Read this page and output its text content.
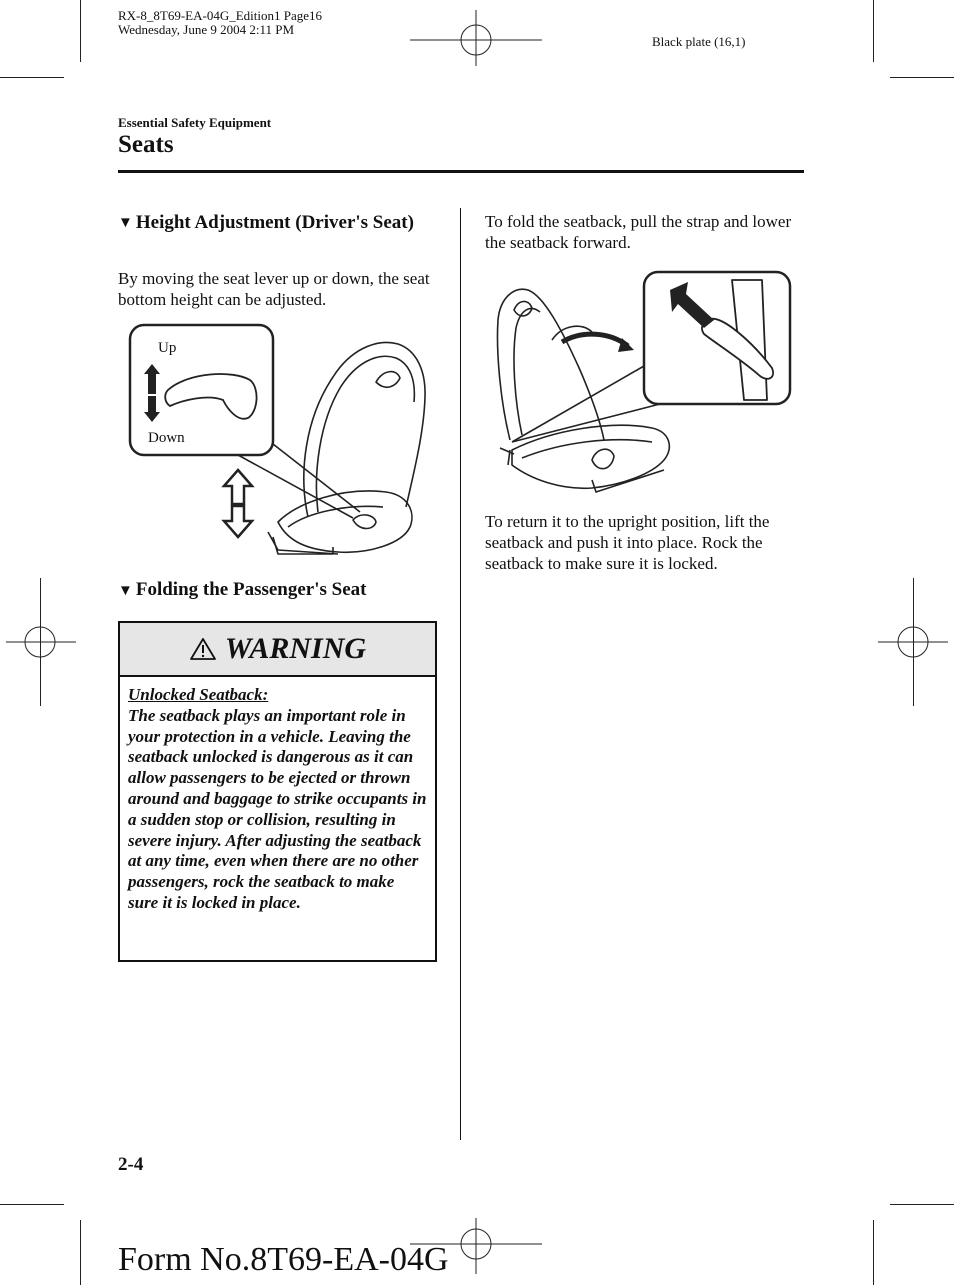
RX-8_8T69-EA-04G_Edition1 Page16
Wednesday, June 9 2004 2:11 PM
Black plate (16,1)
Essential Safety Equipment
Seats
▼ Height Adjustment (Driver's Seat)
By moving the seat lever up or down, the seat bottom height can be adjusted.
Up
Down
▼ Folding the Passenger's Seat
WARNING
Unlocked Seatback:
The seatback plays an important role in your protection in a vehicle. Leaving the seatback unlocked is dangerous as it can allow passengers to be ejected or thrown around and baggage to strike occupants in a sudden stop or collision, resulting in severe injury. After adjusting the seatback at any time, even when there are no other passengers, rock the seatback to make sure it is locked in place.
To fold the seatback, pull the strap and lower the seatback forward.
To return it to the upright position, lift the seatback and push it into place. Rock the seatback to make sure it is locked.
2-4
Form No.8T69-EA-04G
